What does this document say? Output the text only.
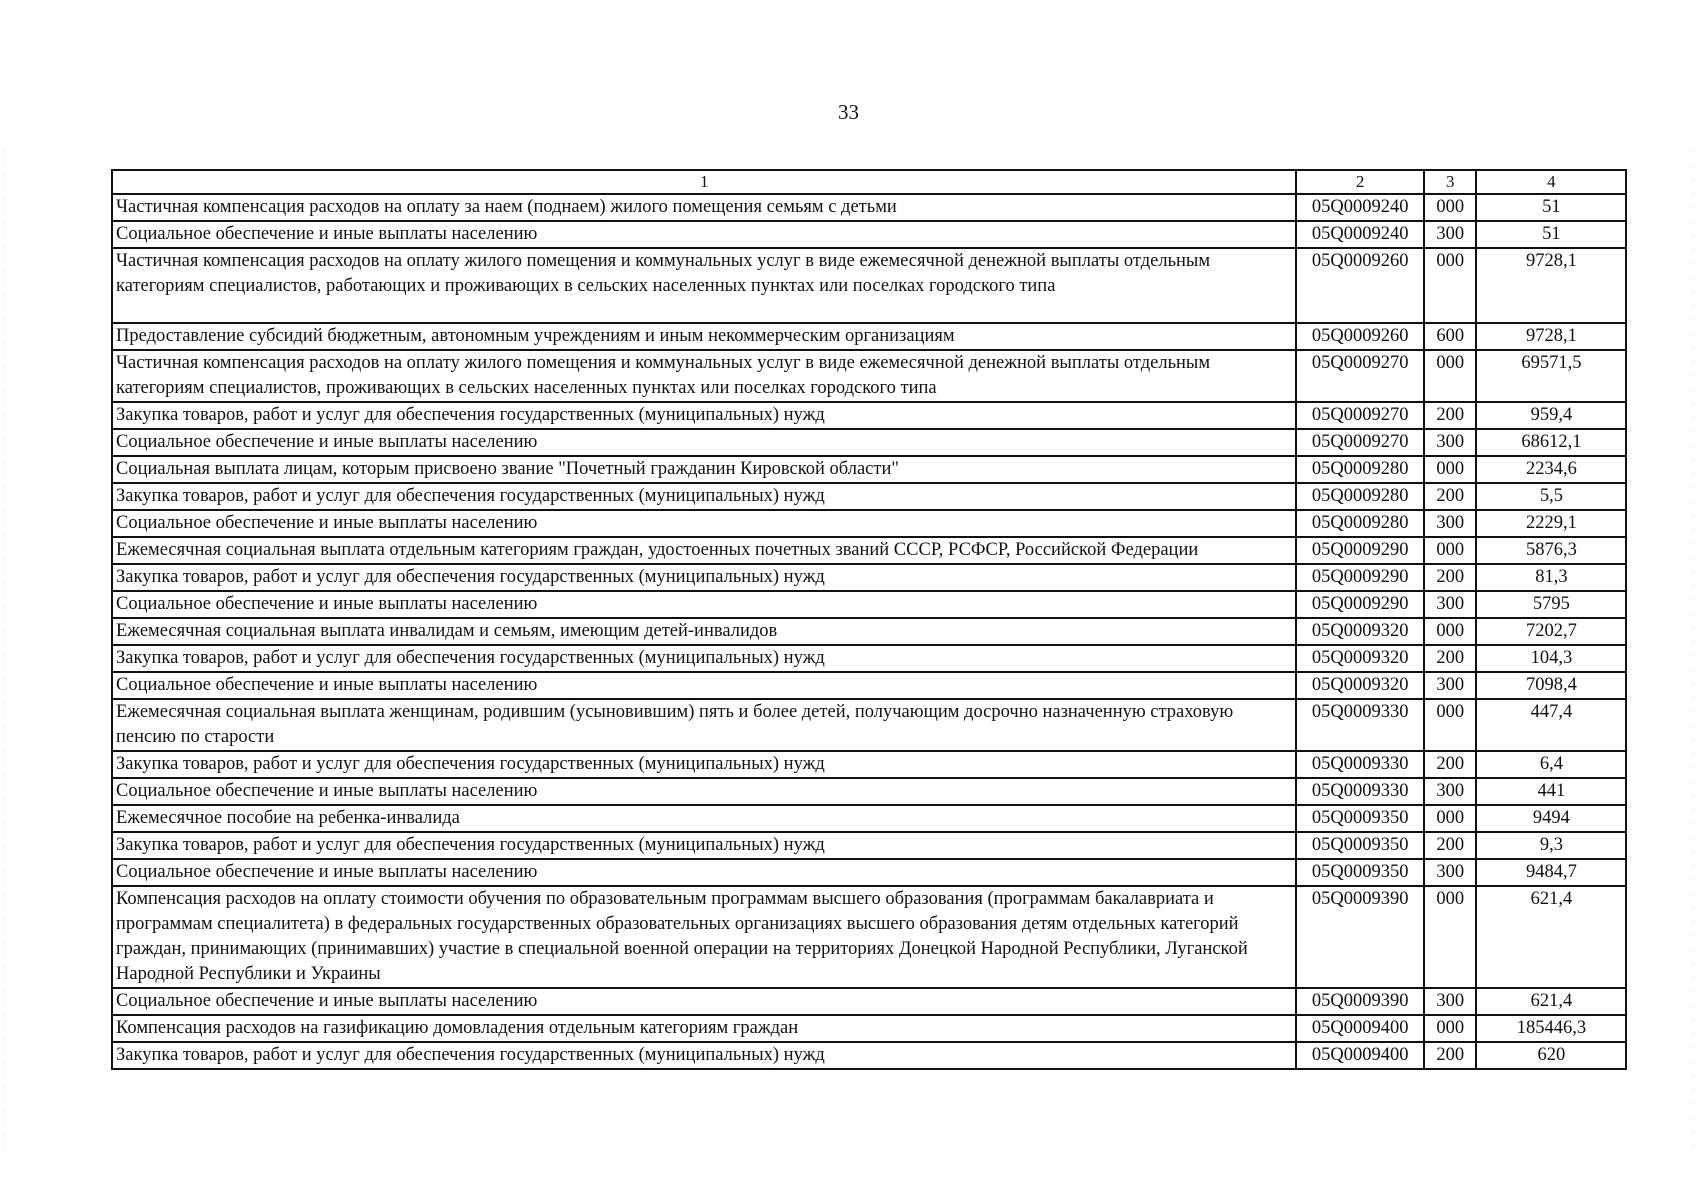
33
1	2	3	4
Частичная компенсация расходов на оплату за наем (поднаем) жилого помещения семьям с детьми	05Q0009240	000	51
Социальное обеспечение и иные выплаты населению	05Q0009240	300	51
Частичная компенсация расходов на оплату жилого помещения и коммунальных услуг в виде ежемесячной денежной выплаты отдельным категориям специалистов, работающих и проживающих в сельских населенных пунктах или поселках городского типа	05Q0009260	000	9728,1
Предоставление субсидий бюджетным, автономным учреждениям и иным некоммерческим организациям	05Q0009260	600	9728,1
Частичная компенсация расходов на оплату жилого помещения и коммунальных услуг в виде ежемесячной денежной выплаты отдельным категориям специалистов, проживающих в сельских населенных пунктах или поселках городского типа	05Q0009270	000	69571,5
Закупка товаров, работ и услуг для обеспечения государственных (муниципальных) нужд	05Q0009270	200	959,4
Социальное обеспечение и иные выплаты населению	05Q0009270	300	68612,1
Социальная выплата лицам, которым присвоено звание "Почетный гражданин Кировской области"	05Q0009280	000	2234,6
Закупка товаров, работ и услуг для обеспечения государственных (муниципальных) нужд	05Q0009280	200	5,5
Социальное обеспечение и иные выплаты населению	05Q0009280	300	2229,1
Ежемесячная социальная выплата отдельным категориям граждан, удостоенных почетных званий СССР, РСФСР, Российской Федерации	05Q0009290	000	5876,3
Закупка товаров, работ и услуг для обеспечения государственных (муниципальных) нужд	05Q0009290	200	81,3
Социальное обеспечение и иные выплаты населению	05Q0009290	300	5795
Ежемесячная социальная выплата инвалидам и семьям, имеющим детей-инвалидов	05Q0009320	000	7202,7
Закупка товаров, работ и услуг для обеспечения государственных (муниципальных) нужд	05Q0009320	200	104,3
Социальное обеспечение и иные выплаты населению	05Q0009320	300	7098,4
Ежемесячная социальная выплата женщинам, родившим (усыновившим) пять и более детей, получающим досрочно назначенную страховую пенсию по старости	05Q0009330	000	447,4
Закупка товаров, работ и услуг для обеспечения государственных (муниципальных) нужд	05Q0009330	200	6,4
Социальное обеспечение и иные выплаты населению	05Q0009330	300	441
Ежемесячное пособие на ребенка-инвалида	05Q0009350	000	9494
Закупка товаров, работ и услуг для обеспечения государственных (муниципальных) нужд	05Q0009350	200	9,3
Социальное обеспечение и иные выплаты населению	05Q0009350	300	9484,7
Компенсация расходов на оплату стоимости обучения по образовательным программам высшего образования (программам бакалавриата и программам специалитета) в федеральных государственных образовательных организациях высшего образования детям отдельных категорий граждан, принимающих (принимавших) участие в специальной военной операции на территориях Донецкой Народной Республики, Луганской Народной Республики и Украины	05Q0009390	000	621,4
Социальное обеспечение и иные выплаты населению	05Q0009390	300	621,4
Компенсация расходов на газификацию домовладения отдельным категориям граждан	05Q0009400	000	185446,3
Закупка товаров, работ и услуг для обеспечения государственных (муниципальных) нужд	05Q0009400	200	620
